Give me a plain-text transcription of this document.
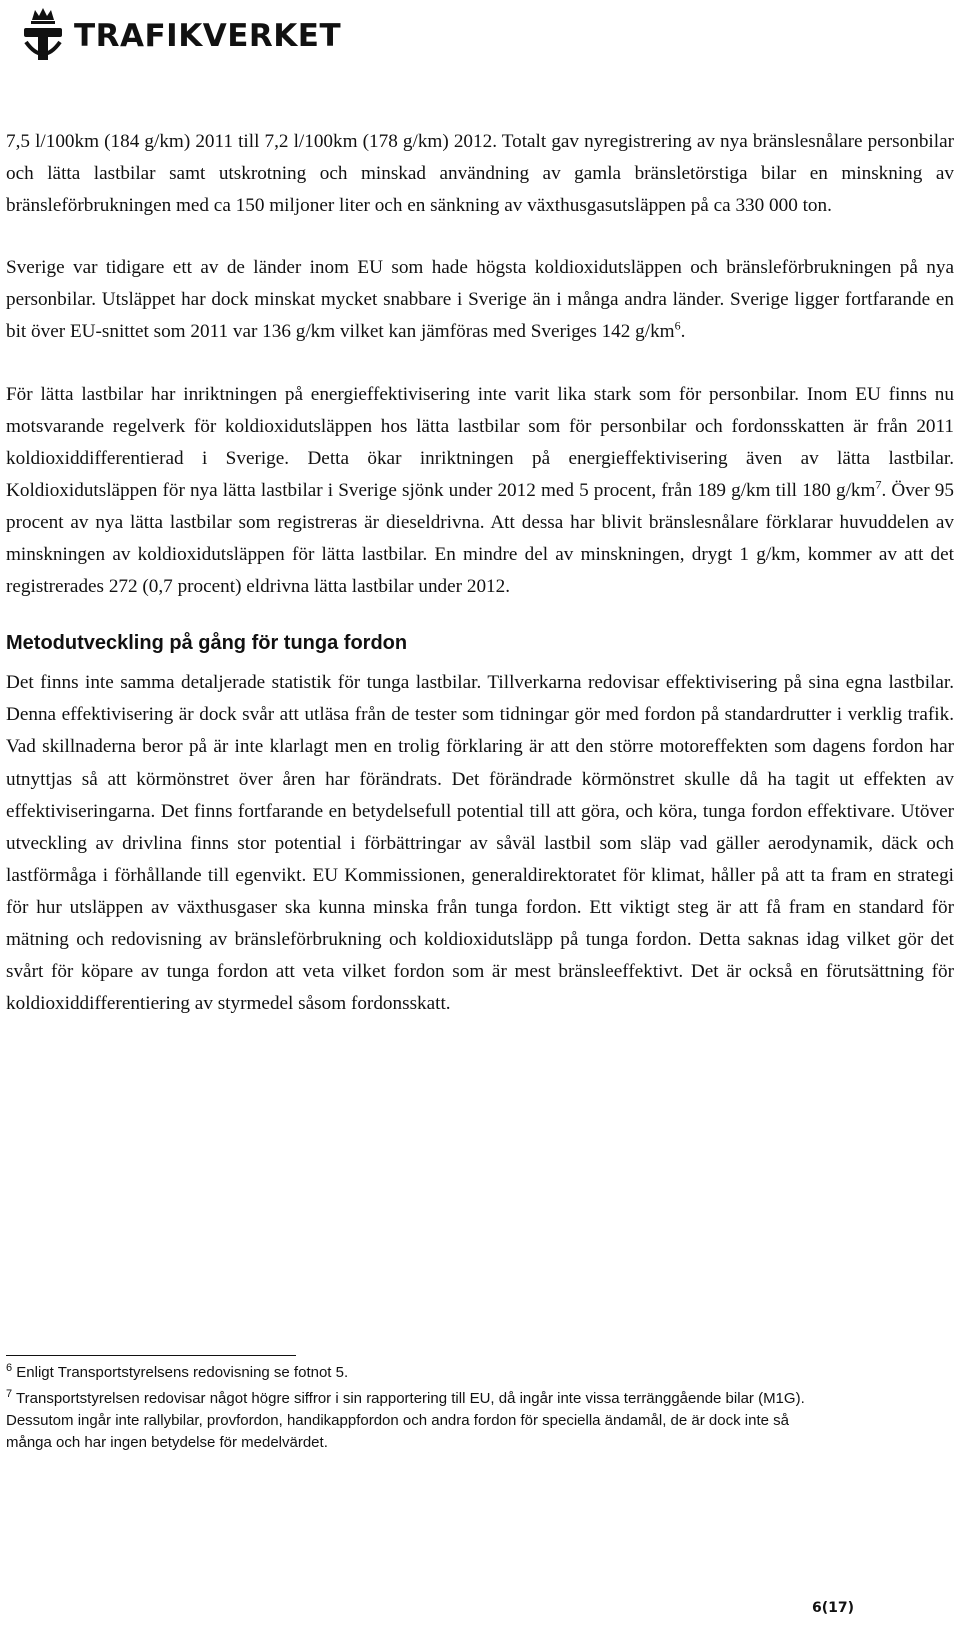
TRAFIKVERKET

7,5 l/100km (184 g/km) 2011 till 7,2 l/100km (178 g/km) 2012. Totalt gav nyregistrering av nya bränslesnålare personbilar och lätta lastbilar samt utskrotning och minskad användning av gamla bränsletörstiga bilar en minskning av bränsleförbrukningen med ca 150 miljoner liter och en sänkning av växthusgasutsläppen på ca 330 000 ton.

Sverige var tidigare ett av de länder inom EU som hade högsta koldioxidutsläppen och bränsleförbrukningen på nya personbilar. Utsläppet har dock minskat mycket snabbare i Sverige än i många andra länder. Sverige ligger fortfarande en bit över EU-snittet som 2011 var 136 g/km vilket kan jämföras med Sveriges 142 $g/km^6$.

För lätta lastbilar har inriktningen på energieffektivisering inte varit lika stark som för personbilar. Inom EU finns nu motsvarande regelverk för koldioxidutsläppen hos lätta lastbilar som för personbilar och fordonsskatten är från 2011 koldioxiddifferentierad i Sverige. Detta ökar inriktningen på energieffektivisering även av lätta lastbilar. Koldioxidutsläppen för nya lätta lastbilar i Sverige sjönk under 2012 med 5 procent, från 189 g/km till 180 $g/km^7$. Över 95 procent av nya lätta lastbilar som registreras är dieseldrivna. Att dessa har blivit bränslesnålare förklarar huvuddelen av minskningen av koldioxidutsläppen för lätta lastbilar. En mindre del av minskningen, drygt 1 g/km, kommer av att det registrerades 272 (0,7 procent) eldrivna lätta lastbilar under 2012.

Metodutveckling på gång för tunga fordon

Det finns inte samma detaljerade statistik för tunga lastbilar. Tillverkarna redovisar effektivisering på sina egna lastbilar. Denna effektivisering är dock svår att utläsa från de tester som tidningar gör med fordon på standardrutter i verklig trafik. Vad skillnaderna beror på är inte klarlagt men en trolig förklaring är att den större motoreffekten som dagens fordon har utnyttjas så att körmönstret över åren har förändrats. Det förändrade körmönstret skulle då ha tagit ut effekten av effektiviseringarna. Det finns fortfarande en betydelsefull potential till att göra, och köra, tunga fordon effektivare. Utöver utveckling av drivlina finns stor potential i förbättringar av såväl lastbil som släp vad gäller aerodynamik, däck och lastförmåga i förhållande till egenvikt. EU Kommissionen, generaldirektoratet för klimat, håller på att ta fram en strategi för hur utsläppen av växthusgaser ska kunna minska från tunga fordon. Ett viktigt steg är att få fram en standard för mätning och redovisning av bränsleförbrukning och koldioxidutsläpp på tunga fordon. Detta saknas idag vilket gör det svårt för köpare av tunga fordon att veta vilket fordon som är mest bränsleeffektivt. Det är också en förutsättning för koldioxiddifferentiering av styrmedel såsom fordonsskatt.

$^6$ Enligt Transportstyrelsens redovisning se fotnot 5.

$^7$ Transportstyrelsen redovisar något högre siffror i sin rapportering till EU, då ingår inte vissa terränggående bilar (M1G). Dessutom ingår inte rallybilar, provfordon, handikappfordon och andra fordon för speciella ändamål, de är dock inte så många och har ingen betydelse för medelvärdet.

6(17)
